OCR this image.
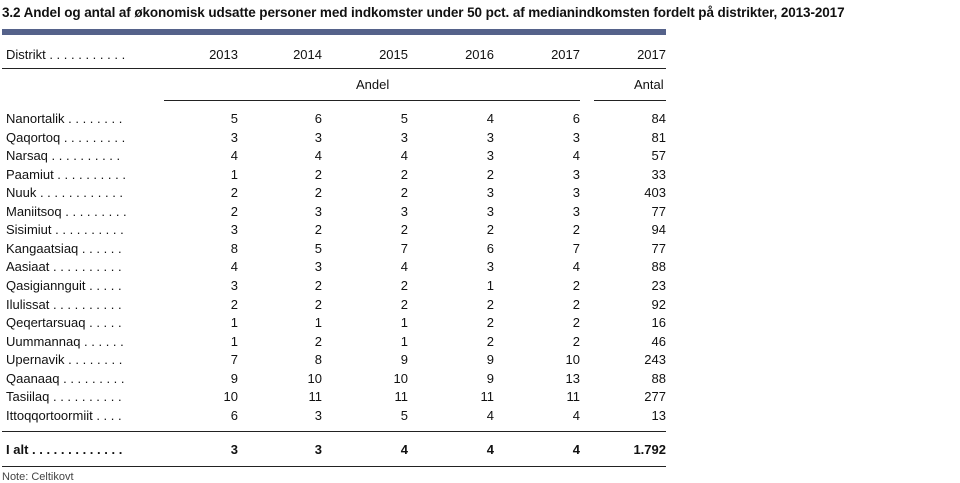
3.2 Andel og antal af økonomisk udsatte personer med indkomster under 50 pct. af medianindkomsten fordelt på distrikter, 2013-2017
Distrikt . . . . . . . . . . .	2013	2014	2015	2016	2017	2017
Andel	Antal
Nanortalik . . . . . . . .	5	6	5	4	6	84
Qaqortoq . . . . . . . . .	3	3	3	3	3	81
Narsaq . . . . . . . . . .	4	4	4	3	4	57
Paamiut . . . . . . . . . .	1	2	2	2	3	33
Nuuk . . . . . . . . . . . .	2	2	2	3	3	403
Maniitsoq . . . . . . . . .	2	3	3	3	3	77
Sisimiut . . . . . . . . . .	3	2	2	2	2	94
Kangaatsiaq . . . . . .	8	5	7	6	7	77
Aasiaat . . . . . . . . . .	4	3	4	3	4	88
Qasigiannguit . . . . .	3	2	2	1	2	23
Ilulissat . . . . . . . . . .	2	2	2	2	2	92
Qeqertarsuaq . . . . .	1	1	1	2	2	16
Uummannaq . . . . . .	1	2	1	2	2	46
Upernavik . . . . . . . .	7	8	9	9	10	243
Qaanaaq . . . . . . . . .	9	10	10	9	13	88
Tasiilaq . . . . . . . . . .	10	11	11	11	11	277
Ittoqqortoormiit . . . .	6	3	5	4	4	13
I alt . . . . . . . . . . . . .	3	3	4	4	4	1.792
Note: Celtikovt
